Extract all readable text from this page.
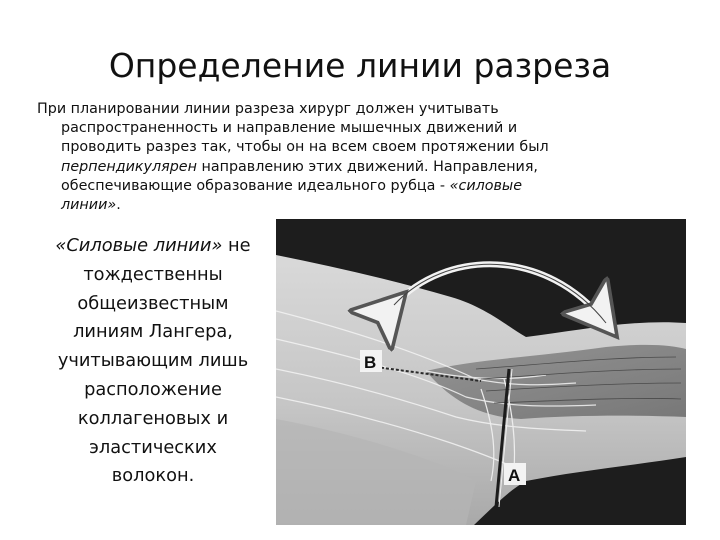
Определение линии разреза
При планировании линии разреза хирург должен учитывать
распространенность и направление мышечных движений и
проводить разрез так, чтобы он на всем своем протяжении был
перпендикулярен направлению этих движений. Направления,
обеспечивающие образование идеального рубца - «силовые
линии».
«Силовые линии» не
тождественны
общеизвестным
линиям Лангера,
учитывающим лишь
расположение
коллагеновых и
эластических
волокон.
B
A
